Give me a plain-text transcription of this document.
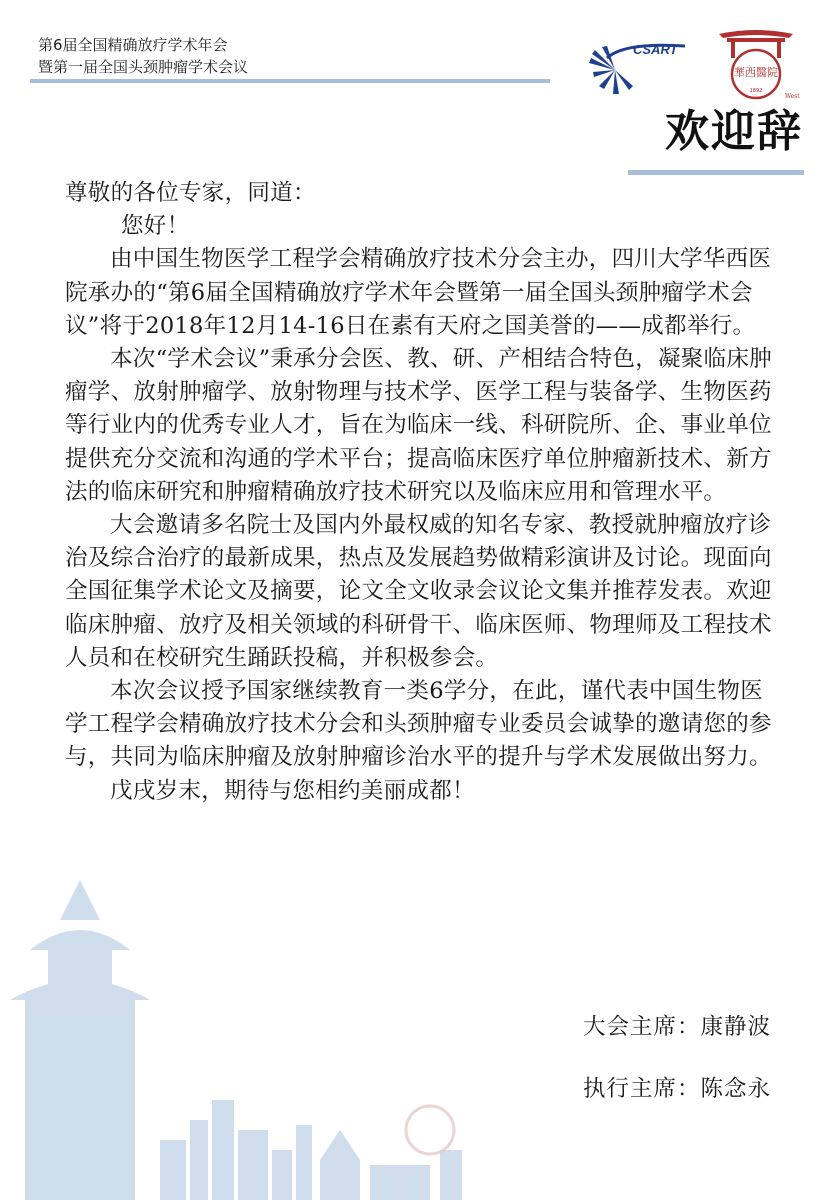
第6届全国精确放疗学术年会
暨第一届全国头颈肿瘤学术会议
CSART
華西醫院
1892
West
欢迎辞

尊敬的各位专家，同道：

您好！

由中国生物医学工程学会精确放疗技术分会主办，四川大学华西医院承办的“第6届全国精确放疗学术年会暨第一届全国头颈肿瘤学术会议”将于2018年12月14-16日在素有天府之国美誉的——成都举行。

本次“学术会议”秉承分会医、教、研、产相结合特色，凝聚临床肿瘤学、放射肿瘤学、放射物理与技术学、医学工程与装备学、生物医药等行业内的优秀专业人才，旨在为临床一线、科研院所、企、事业单位提供充分交流和沟通的学术平台；提高临床医疗单位肿瘤新技术、新方法的临床研究和肿瘤精确放疗技术研究以及临床应用和管理水平。

大会邀请多名院士及国内外最权威的知名专家、教授就肿瘤放疗诊治及综合治疗的最新成果，热点及发展趋势做精彩演讲及讨论。现面向全国征集学术论文及摘要，论文全文收录会议论文集并推荐发表。欢迎临床肿瘤、放疗及相关领域的科研骨干、临床医师、物理师及工程技术人员和在校研究生踊跃投稿，并积极参会。

本次会议授予国家继续教育一类6学分，在此，谨代表中国生物医学工程学会精确放疗技术分会和头颈肿瘤专业委员会诚挚的邀请您的参与，共同为临床肿瘤及放射肿瘤诊治水平的提升与学术发展做出努力。

戊戌岁末，期待与您相约美丽成都！

大会主席：康静波
执行主席：陈念永
